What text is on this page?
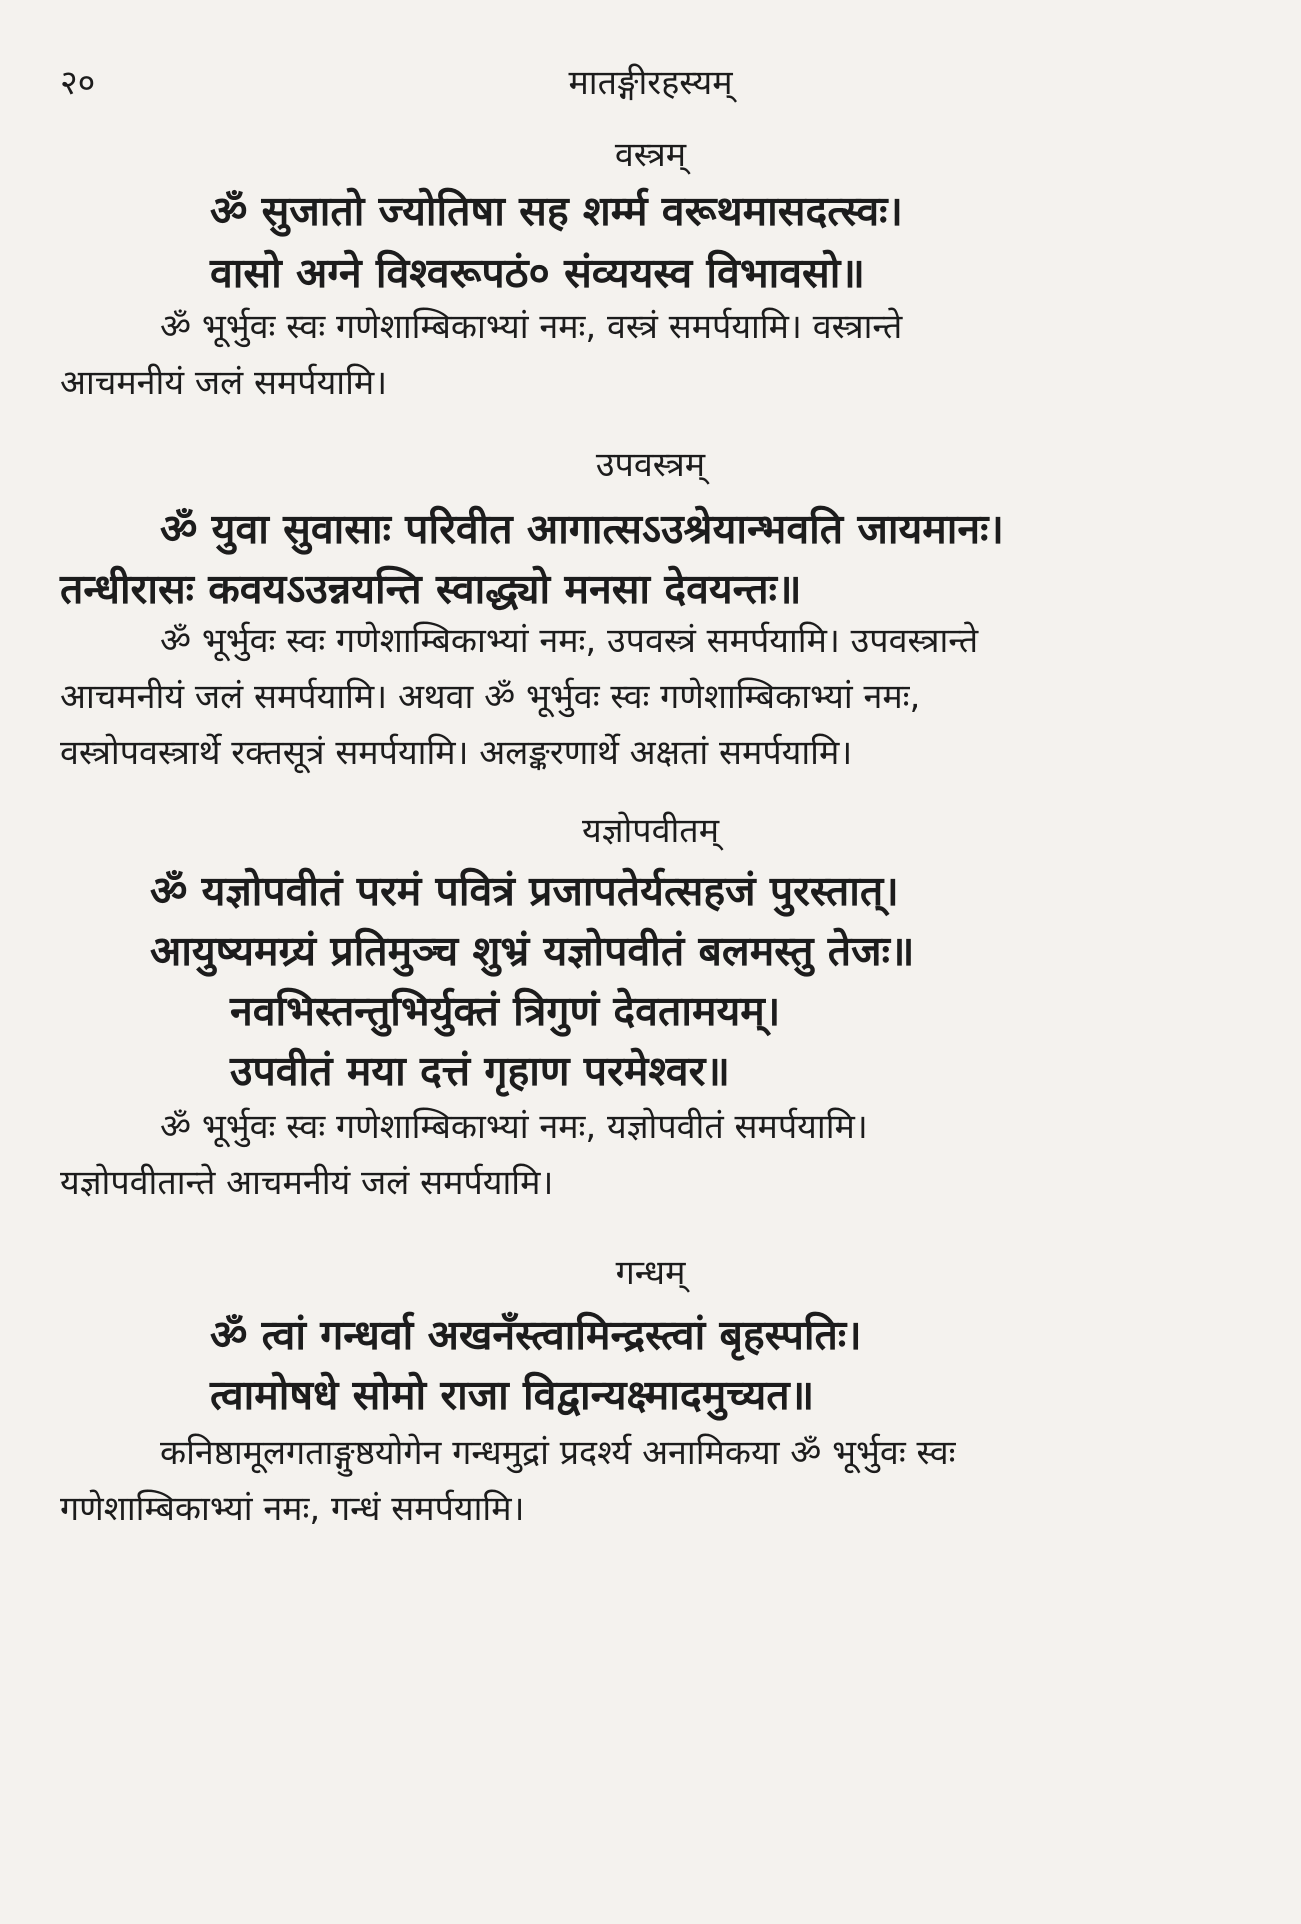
२०	मातङ्गीरहस्यम्
वस्त्रम्
ॐ सुजातो ज्योतिषा सह शर्म्म वरूथमासदत्स्वः।
वासो अग्ने विश्वरूपठं० संव्ययस्व विभावसो॥
ॐ भूर्भुवः स्वः गणेशाम्बिकाभ्यां नमः, वस्त्रं समर्पयामि। वस्त्रान्ते
आचमनीयं जलं समर्पयामि।
उपवस्त्रम्
ॐ युवा सुवासाः परिवीत आगात्सऽउश्रेयान्भवति जायमानः।
तन्धीरासः कवयऽउन्नयन्ति स्वाद्ध्यो मनसा देवयन्तः॥
ॐ भूर्भुवः स्वः गणेशाम्बिकाभ्यां नमः, उपवस्त्रं समर्पयामि। उपवस्त्रान्ते
आचमनीयं जलं समर्पयामि। अथवा ॐ भूर्भुवः स्वः गणेशाम्बिकाभ्यां नमः,
वस्त्रोपवस्त्रार्थे रक्तसूत्रं समर्पयामि। अलङ्करणार्थे अक्षतां समर्पयामि।
यज्ञोपवीतम्
ॐ यज्ञोपवीतं परमं पवित्रं प्रजापतेर्यत्सहजं पुरस्तात्।
आयुष्यमग्र्यं प्रतिमुञ्च शुभ्रं यज्ञोपवीतं बलमस्तु तेजः॥
नवभिस्तन्तुभिर्युक्तं त्रिगुणं देवतामयम्।
उपवीतं मया दत्तं गृहाण परमेश्वर॥
ॐ भूर्भुवः स्वः गणेशाम्बिकाभ्यां नमः, यज्ञोपवीतं समर्पयामि।
यज्ञोपवीतान्ते आचमनीयं जलं समर्पयामि।
गन्धम्
ॐ त्वां गन्धर्वा अखनँस्त्वामिन्द्रस्त्वां बृहस्पतिः।
त्वामोषधे सोमो राजा विद्वान्यक्ष्मादमुच्यत॥
कनिष्ठामूलगताङ्गुष्ठयोगेन गन्धमुद्रां प्रदर्श्य अनामिकया ॐ भूर्भुवः स्वः
गणेशाम्बिकाभ्यां नमः, गन्धं समर्पयामि।
